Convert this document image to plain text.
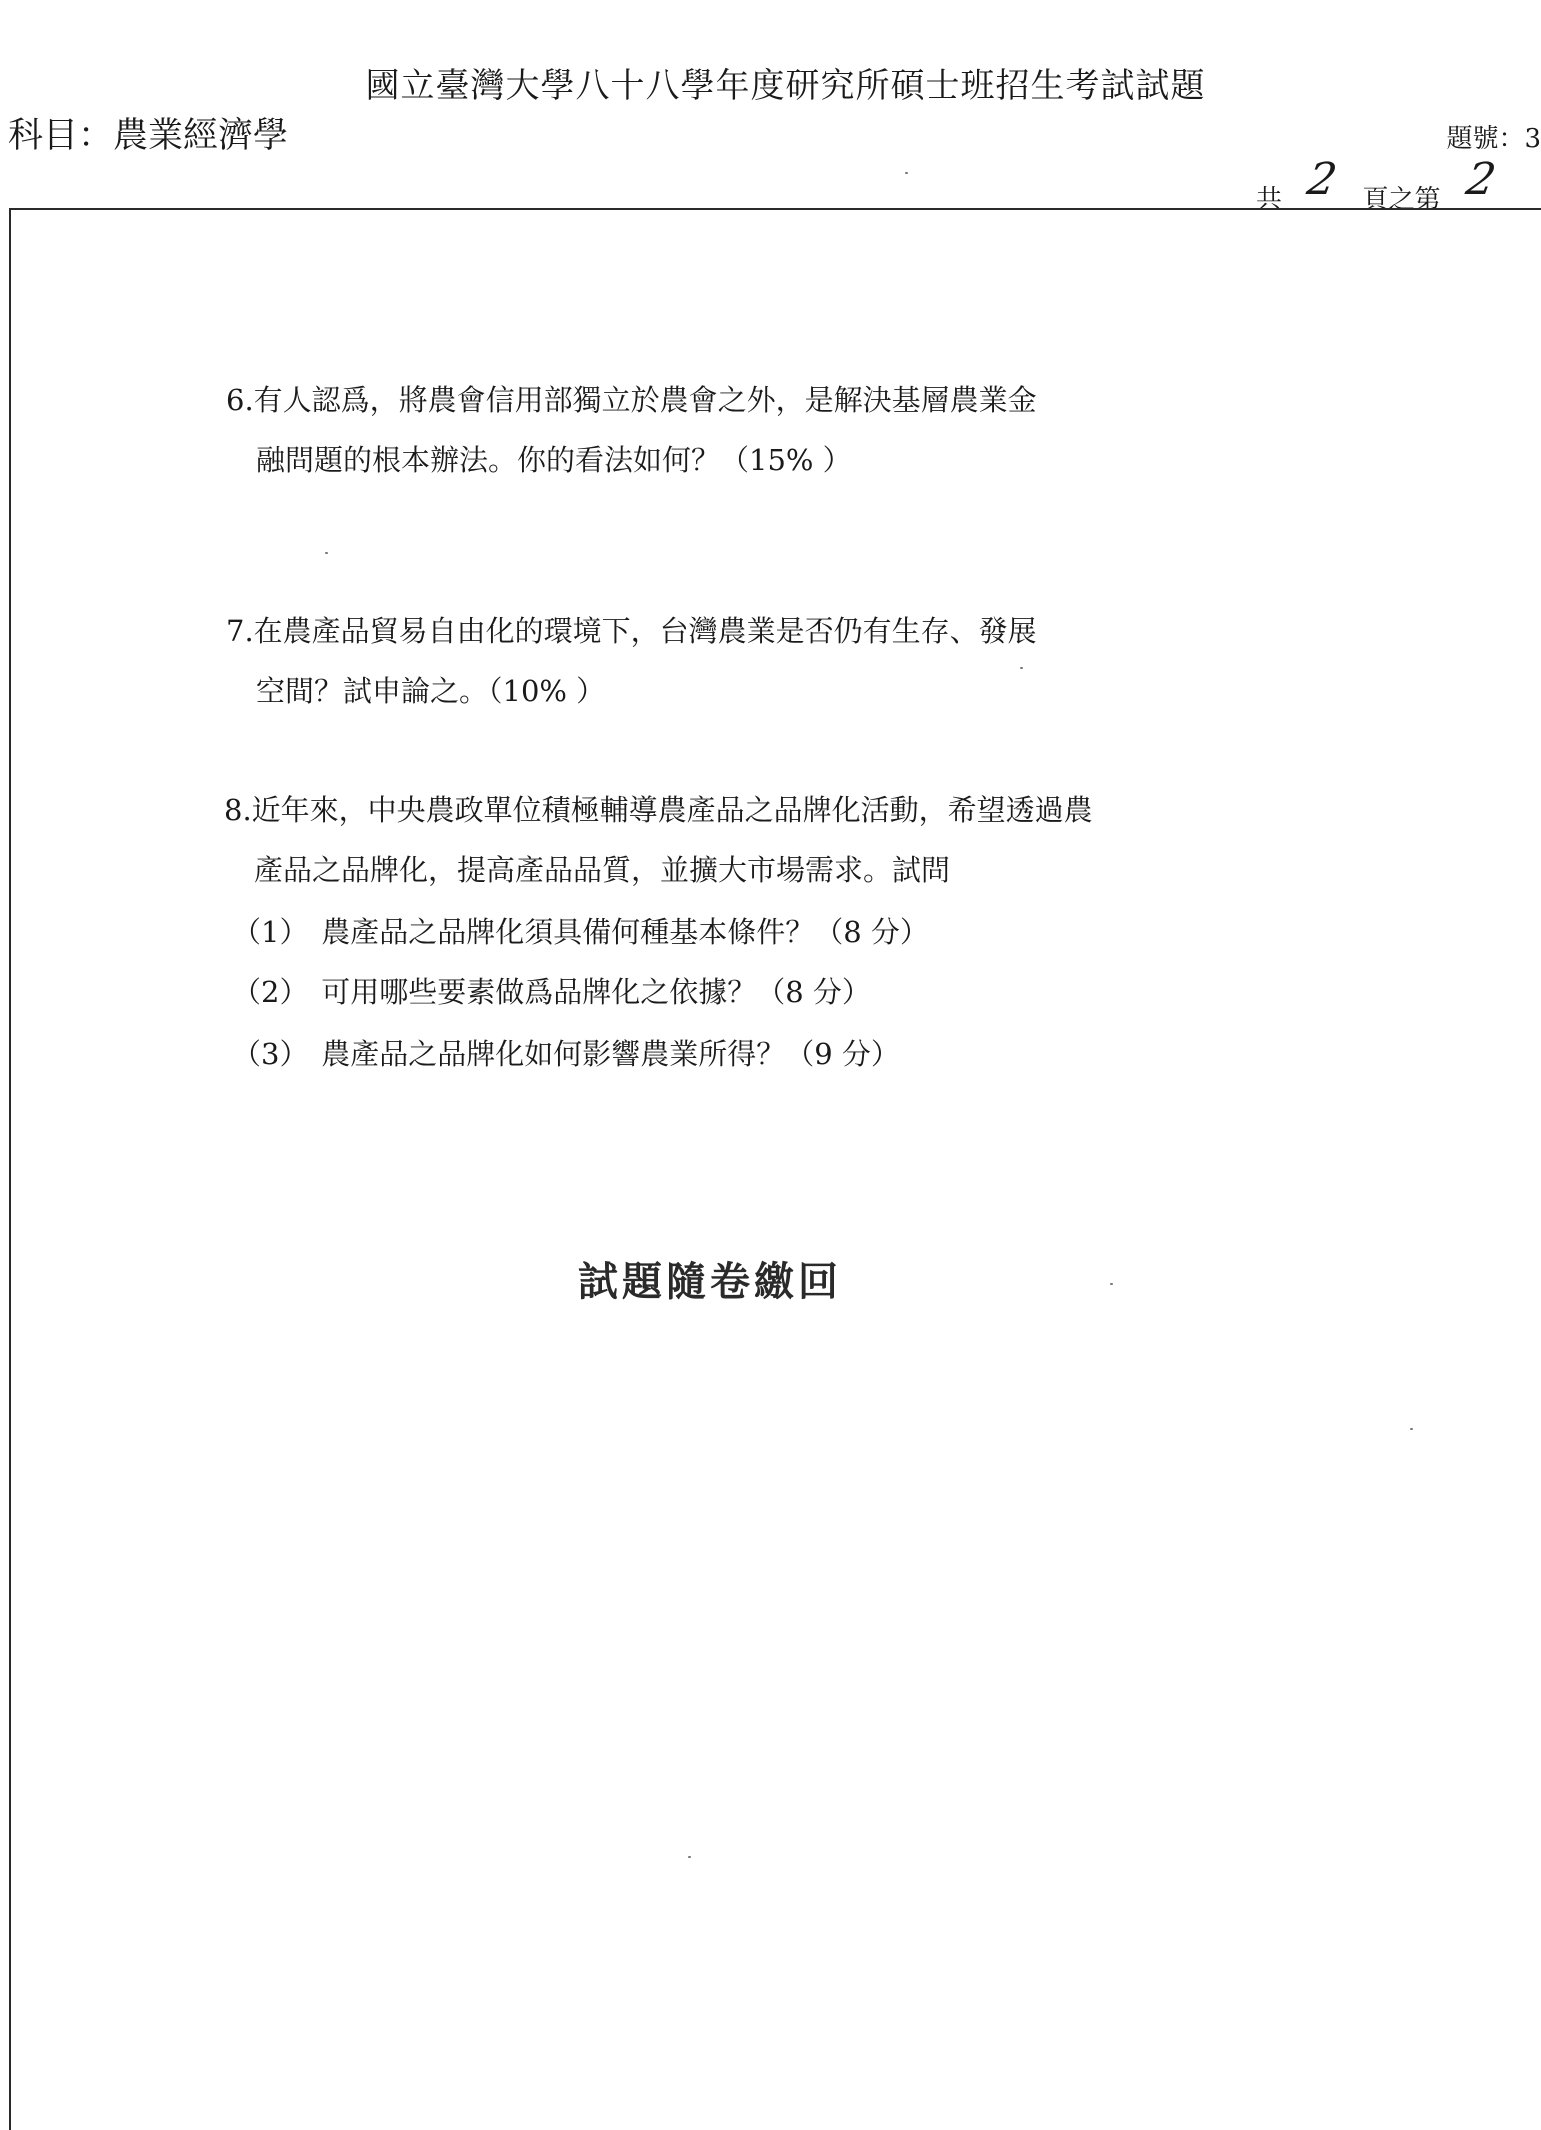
國立臺灣大學八十八學年度研究所碩士班招生考試試題
科目：農業經濟學	題號：3
共 2 頁之第 2
6.有人認爲，將農會信用部獨立於農會之外，是解決基層農業金
融問題的根本辦法。你的看法如何？（15% ）
7.在農產品貿易自由化的環境下，台灣農業是否仍有生存、發展
空間？試申論之。（10% ）
8.近年來，中央農政單位積極輔導農產品之品牌化活動，希望透過農
產品之品牌化，提高產品品質，並擴大市場需求。試問
（1） 農產品之品牌化須具備何種基本條件？（8 分）
（2） 可用哪些要素做爲品牌化之依據？（8 分）
（3） 農產品之品牌化如何影響農業所得？（9 分）
試題隨卷繳回
